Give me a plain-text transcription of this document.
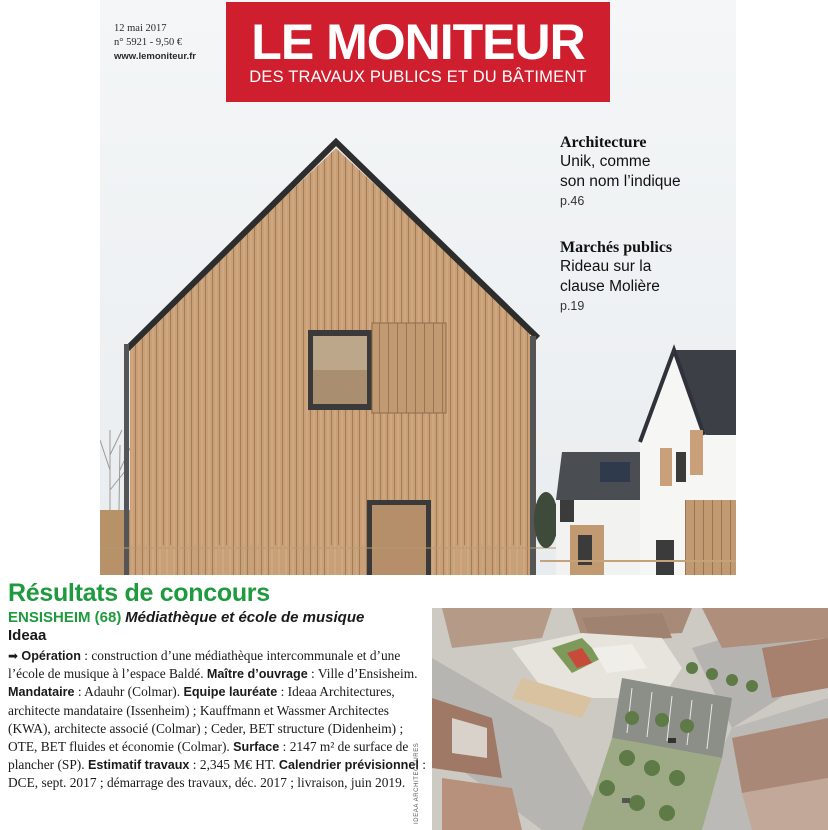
12 mai 2017
n° 5921 - 9,50 €
www.lemoniteur.fr	LE MONITEUR
DES TRAVAUX PUBLICS ET DU BÂTIMENT
Architecture
Unik, comme
son nom l’indique
p.46
Marchés publics
Rideau sur la
clause Molière
p.19
Résultats de concours
ENSISHEIM (68) Médiathèque et école de musique
Ideaa
➡ Opération : construction d’une médiathèque intercommunale et d’une l’école de musique à l’espace Baldé. Maître d’ouvrage : Ville d’Ensisheim. Mandataire : Adauhr (Colmar). Equipe lauréate : Ideaa Architectures, architecte mandataire (Issenheim) ; Kauffmann et Wassmer Architectes (KWA), architecte associé (Colmar) ; Ceder, BET structure (Didenheim) ; OTE, BET fluides et économie (Colmar). Surface : 2147 m² de surface de plancher (SP). Estimatif travaux : 2,345 M€ HT. Calendrier prévisionnel : DCE, sept. 2017 ; démarrage des travaux, déc. 2017 ; livraison, juin 2019.	IDEAA ARCHITECTURES
